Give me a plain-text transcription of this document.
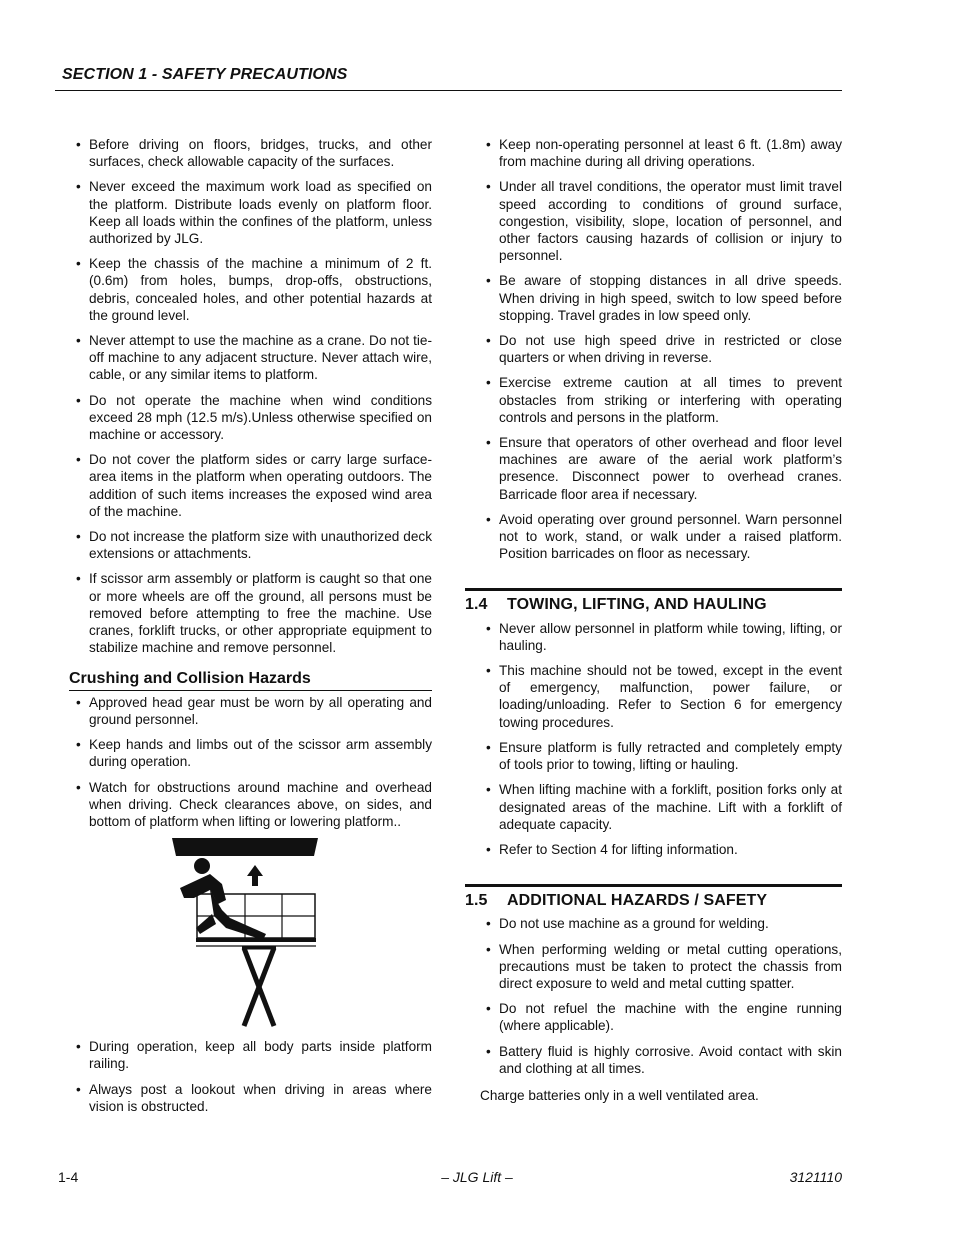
SECTION 1 - SAFETY PRECAUTIONS
• Before driving on floors, bridges, trucks, and other surfaces, check allowable capacity of the surfaces.
• Never exceed the maximum work load as specified on the platform. Distribute loads evenly on platform floor. Keep all loads within the confines of the platform, unless authorized by JLG.
• Keep the chassis of the machine a minimum of 2 ft. (0.6m) from holes, bumps, drop-offs, obstructions, debris, concealed holes, and other potential hazards at the ground level.
• Never attempt to use the machine as a crane. Do not tie-off machine to any adjacent structure. Never attach wire, cable, or any similar items to platform.
• Do not operate the machine when wind conditions exceed 28 mph (12.5 m/s).Unless otherwise specified on machine or accessory.
• Do not cover the platform sides or carry large surface-area items in the platform when operating outdoors. The addition of such items increases the exposed wind area of the machine.
• Do not increase the platform size with unauthorized deck extensions or attachments.
• If scissor arm assembly or platform is caught so that one or more wheels are off the ground, all persons must be removed before attempting to free the machine. Use cranes, forklift trucks, or other appropriate equipment to stabilize machine and remove personnel.
Crushing and Collision Hazards
• Approved head gear must be worn by all operating and ground personnel.
• Keep hands and limbs out of the scissor arm assembly during operation.
• Watch for obstructions around machine and overhead when driving. Check clearances above, on sides, and bottom of platform when lifting or lowering platform..
• During operation, keep all body parts inside platform railing.
• Always post a lookout when driving in areas where vision is obstructed.
• Keep non-operating personnel at least 6 ft. (1.8m) away from machine during all driving operations.
• Under all travel conditions, the operator must limit travel speed according to conditions of ground surface, congestion, visibility, slope, location of personnel, and other factors causing hazards of collision or injury to personnel.
• Be aware of stopping distances in all drive speeds. When driving in high speed, switch to low speed before stopping. Travel grades in low speed only.
• Do not use high speed drive in restricted or close quarters or when driving in reverse.
• Exercise extreme caution at all times to prevent obstacles from striking or interfering with operating controls and persons in the platform.
• Ensure that operators of other overhead and floor level machines are aware of the aerial work platform’s presence. Disconnect power to overhead cranes. Barricade floor area if necessary.
• Avoid operating over ground personnel. Warn personnel not to work, stand, or walk under a raised platform. Position barricades on floor as necessary.
1.4 TOWING, LIFTING, AND HAULING
• Never allow personnel in platform while towing, lifting, or hauling.
• This machine should not be towed, except in the event of emergency, malfunction, power failure, or loading/unloading. Refer to Section 6 for emergency towing procedures.
• Ensure platform is fully retracted and completely empty of tools prior to towing, lifting or hauling.
• When lifting machine with a forklift, position forks only at designated areas of the machine. Lift with a forklift of adequate capacity.
• Refer to Section 4 for lifting information.
1.5 ADDITIONAL HAZARDS / SAFETY
• Do not use machine as a ground for welding.
• When performing welding or metal cutting operations, precautions must be taken to protect the chassis from direct exposure to weld and metal cutting spatter.
• Do not refuel the machine with the engine running (where applicable).
• Battery fluid is highly corrosive. Avoid contact with skin and clothing at all times.
Charge batteries only in a well ventilated area.
– JLG Lift –
1-4	3121110
